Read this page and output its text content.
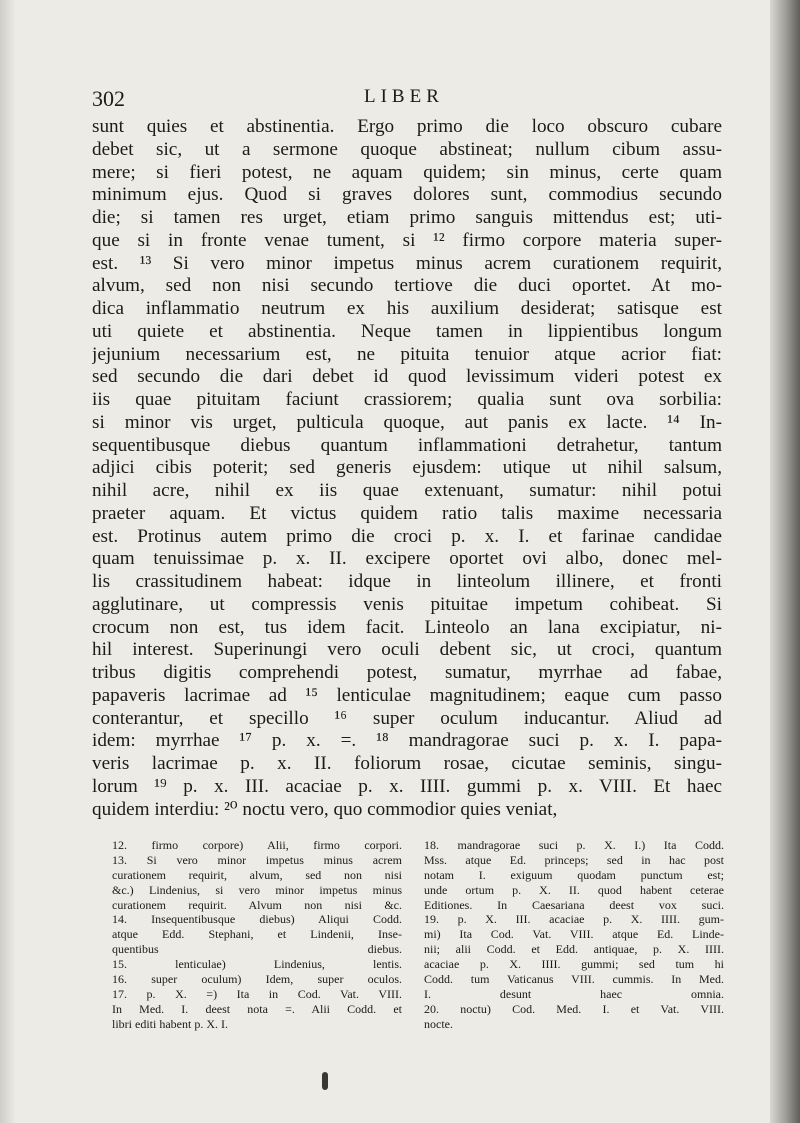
302	LIBER
sunt quies et abstinentia. Ergo primo die loco obscuro cubare
debet sic, ut a sermone quoque abstineat; nullum cibum assu-
mere; si fieri potest, ne aquam quidem; sin minus, certe quam
minimum ejus. Quod si graves dolores sunt, commodius secundo
die; si tamen res urget, etiam primo sanguis mittendus est; uti-
que si in fronte venae tument, si ¹² firmo corpore materia super-
est. ¹³ Si vero minor impetus minus acrem curationem requirit,
alvum, sed non nisi secundo tertiove die duci oportet. At mo-
dica inflammatio neutrum ex his auxilium desiderat; satisque est
uti quiete et abstinentia. Neque tamen in lippientibus longum
jejunium necessarium est, ne pituita tenuior atque acrior fiat:
sed secundo die dari debet id quod levissimum videri potest ex
iis quae pituitam faciunt crassiorem; qualia sunt ova sorbilia:
si minor vis urget, pulticula quoque, aut panis ex lacte. ¹⁴ In-
sequentibusque diebus quantum inflammationi detrahetur, tantum
adjici cibis poterit; sed generis ejusdem: utique ut nihil salsum,
nihil acre, nihil ex iis quae extenuant, sumatur: nihil potui
praeter aquam. Et victus quidem ratio talis maxime necessaria
est. Protinus autem primo die croci p. x. I. et farinae candidae
quam tenuissimae p. x. II. excipere oportet ovi albo, donec mel-
lis crassitudinem habeat: idque in linteolum illinere, et fronti
agglutinare, ut compressis venis pituitae impetum cohibeat. Si
crocum non est, tus idem facit. Linteolo an lana excipiatur, ni-
hil interest. Superinungi vero oculi debent sic, ut croci, quantum
tribus digitis comprehendi potest, sumatur, myrrhae ad fabae,
papaveris lacrimae ad ¹⁵ lenticulae magnitudinem; eaque cum passo
conterantur, et specillo ¹⁶ super oculum inducantur. Aliud ad
idem: myrrhae ¹⁷ p. x. =. ¹⁸ mandragorae suci p. x. I. papa-
veris lacrimae p. x. II. foliorum rosae, cicutae seminis, singu-
lorum ¹⁹ p. x. III. acaciae p. x. IIII. gummi p. x. VIII. Et haec
quidem interdiu: ²⁰ noctu vero, quo commodior quies veniat,
12. firmo corpore) Alii, firmo corpori.
13. Si vero minor impetus minus acrem
curationem requirit, alvum, sed non nisi
&c.) Lindenius, si vero minor impetus minus
curationem requirit. Alvum non nisi &c.
14. Insequentibusque diebus) Aliqui Codd.
atque Edd. Stephani, et Lindenii, Inse-
quentibus diebus.
15. lenticulae) Lindenius, lentis.
16. super oculum) Idem, super oculos.
17. p. X. =) Ita in Cod. Vat. VIII.
In Med. I. deest nota =. Alii Codd. et
libri editi habent p. X. I.
18. mandragorae suci p. X. I.) Ita Codd.
Mss. atque Ed. princeps; sed in hac post
notam I. exiguum quodam punctum est;
unde ortum p. X. II. quod habent ceterae
Editiones. In Caesariana deest vox suci.
19. p. X. III. acaciae p. X. IIII. gum-
mi) Ita Cod. Vat. VIII. atque Ed. Linde-
nii; alii Codd. et Edd. antiquae, p. X. IIII.
acaciae p. X. IIII. gummi; sed tum hi
Codd. tum Vaticanus VIII. cummis. In Med.
I. desunt haec omnia.
20. noctu) Cod. Med. I. et Vat. VIII.
nocte.
